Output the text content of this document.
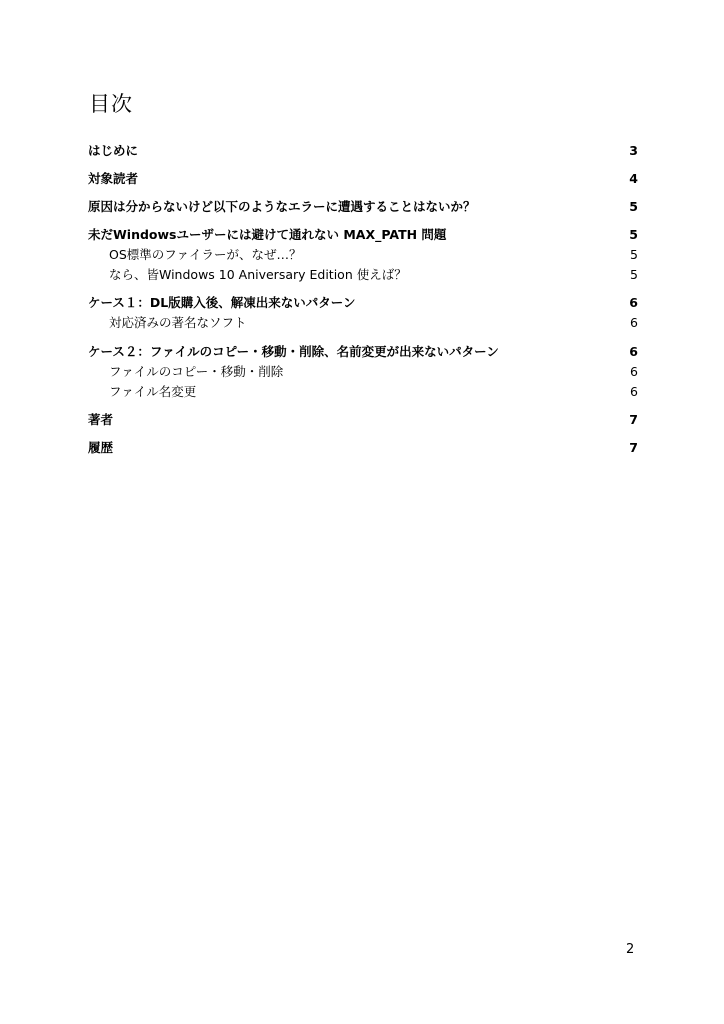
目次
はじめに	3
対象読者	4
原因は分からないけど以下のようなエラーに遭遇することはないか？	5
未だWindowsユーザーには避けて通れない MAX_PATH 問題	5
OS標準のファイラーが、なぜ…？	5
なら、皆Windows 10 Aniversary Edition 使えば？	5
ケース１：DL版購入後、解凍出来ないパターン	6
対応済みの著名なソフト	6
ケース２：ファイルのコピー・移動・削除、名前変更が出来ないパターン	6
ファイルのコピー・移動・削除	6
ファイル名変更	6
著者	7
履歴	7
2
